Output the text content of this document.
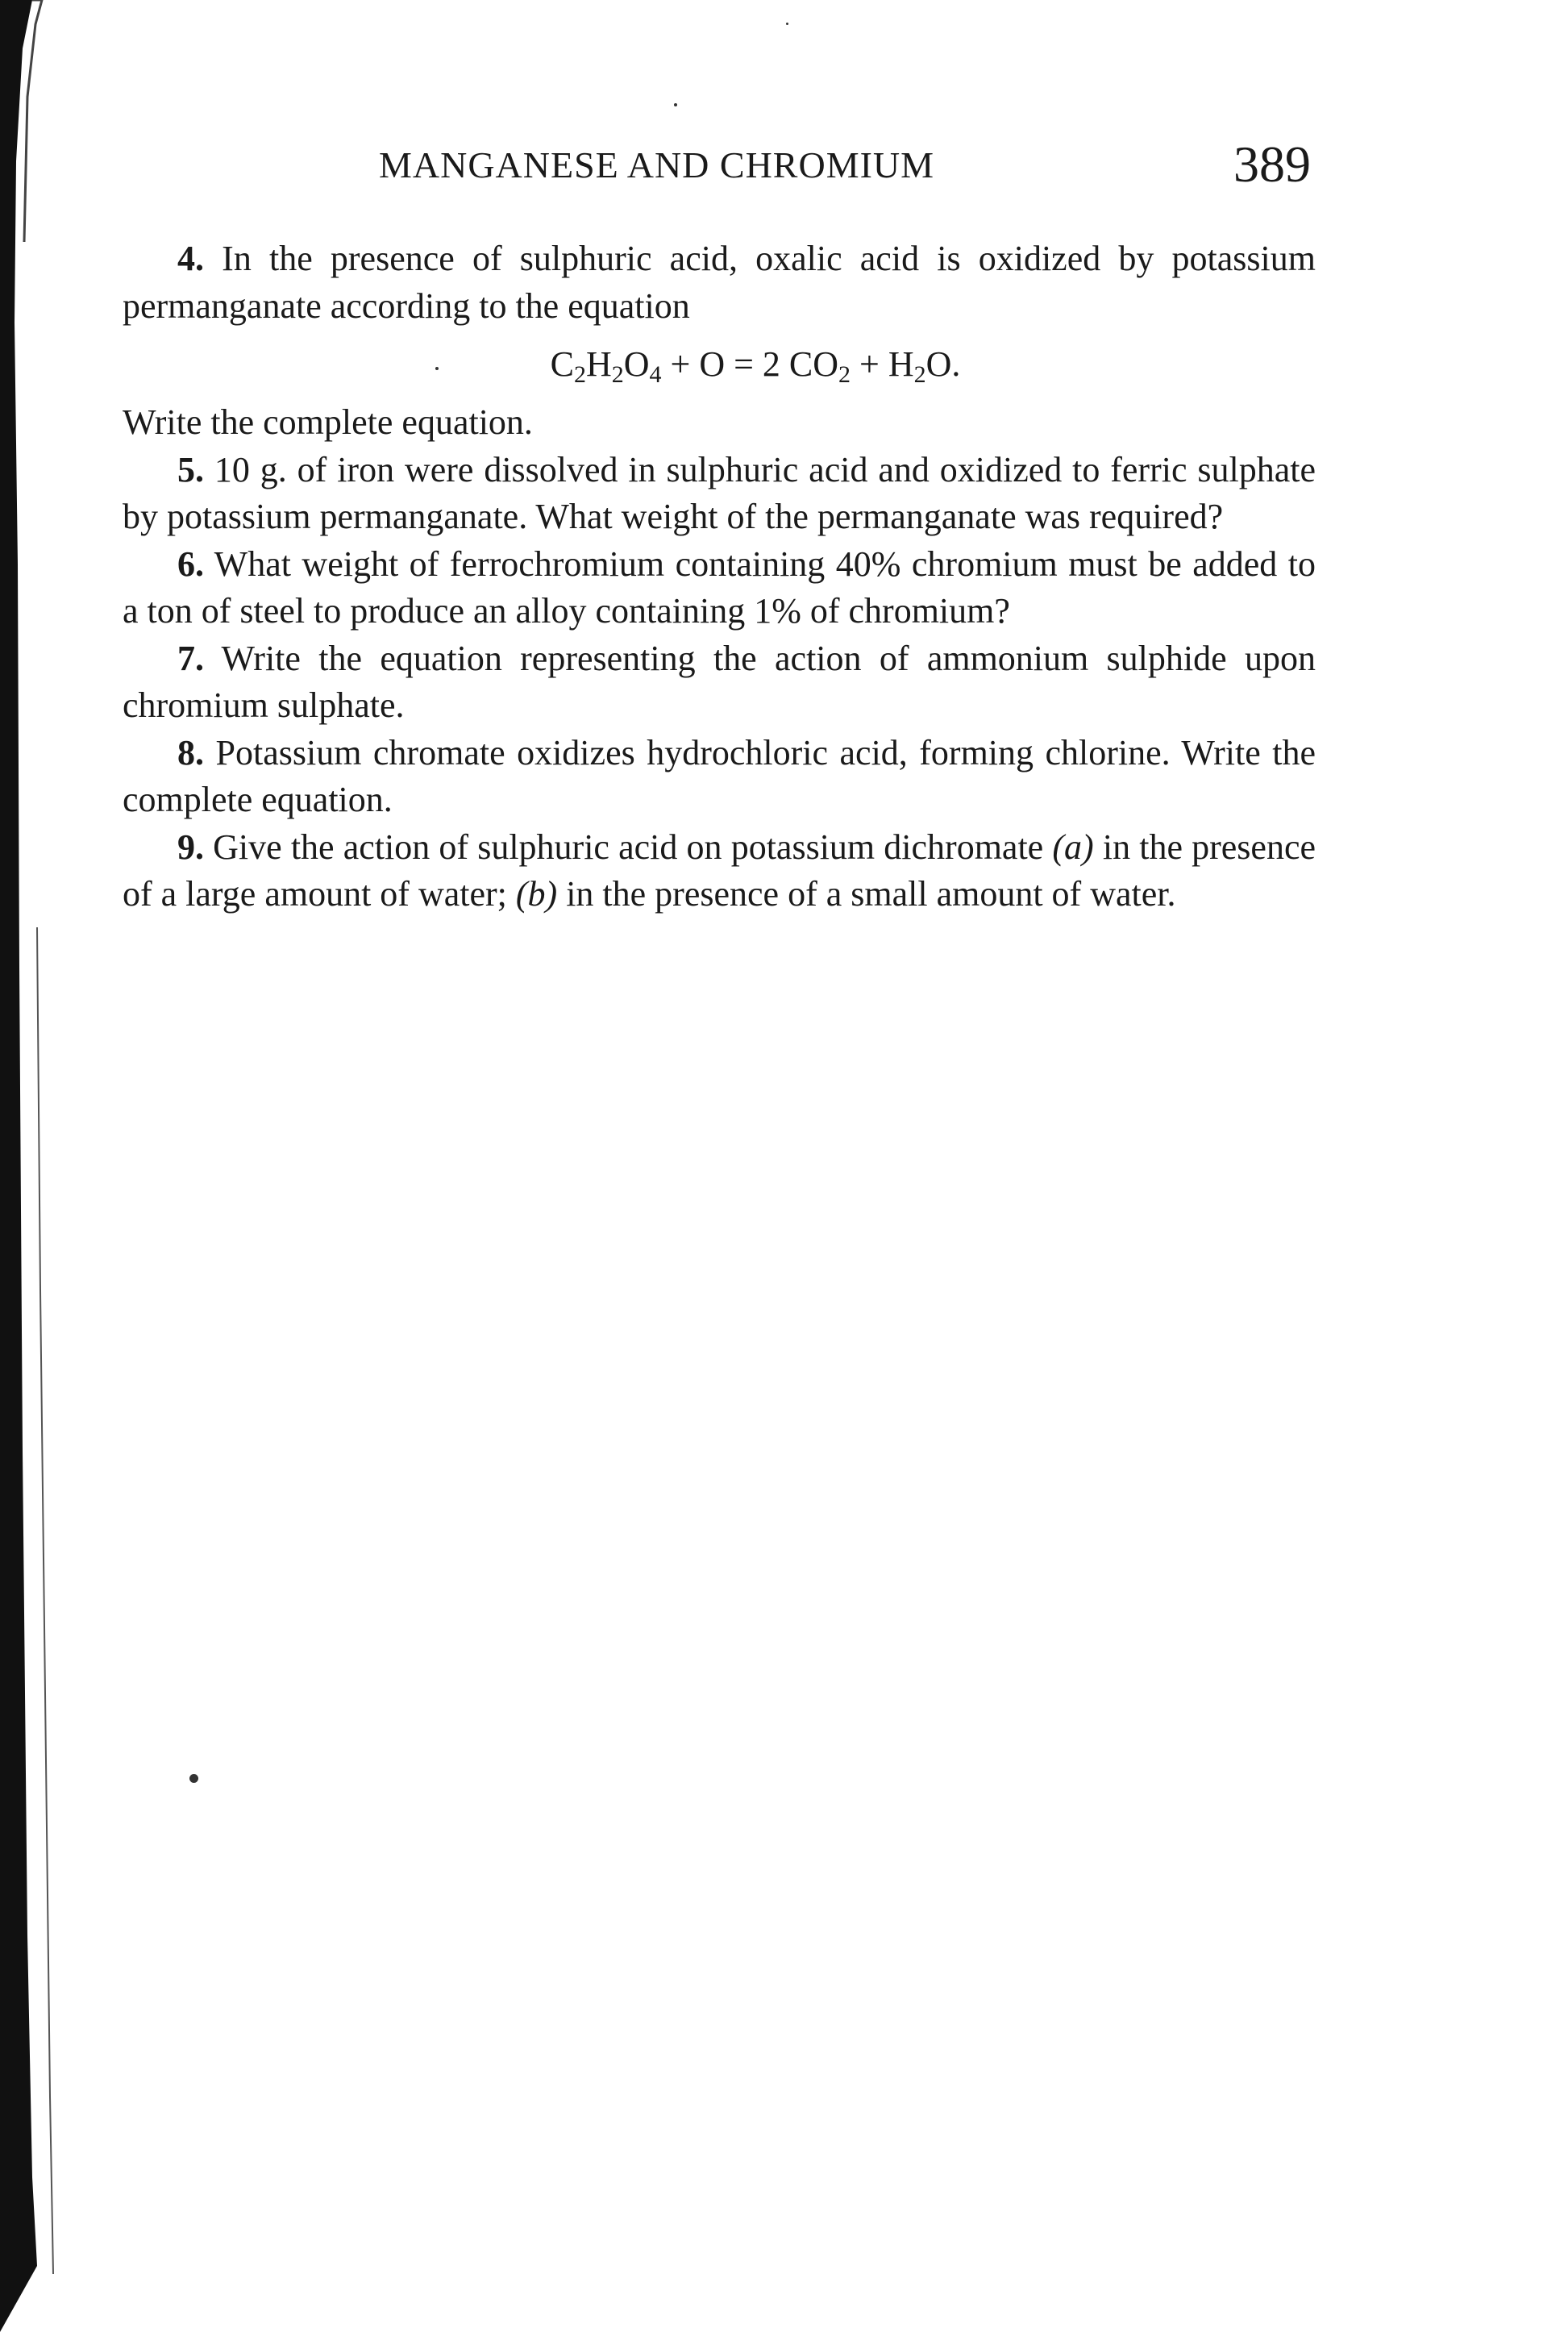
MANGANESE AND CHROMIUM	389

4. In the presence of sulphuric acid, oxalic acid is oxidized by potassium permanganate according to the equation

$C_2H_2O_4 + O = 2$ $CO_2 + H_2O$.

Write the complete equation.

5. 10 g. of iron were dissolved in sulphuric acid and oxidized to ferric sulphate by potassium permanganate. What weight of the permanganate was required?

6. What weight of ferrochromium containing 40% chromium must be added to a ton of steel to produce an alloy containing 1% of chromium?

7. Write the equation representing the action of ammonium sulphide upon chromium sulphate.

8. Potassium chromate oxidizes hydrochloric acid, forming chlorine. Write the complete equation.

9. Give the action of sulphuric acid on potassium dichromate (a) in the presence of a large amount of water; (b) in the presence of a small amount of water.
